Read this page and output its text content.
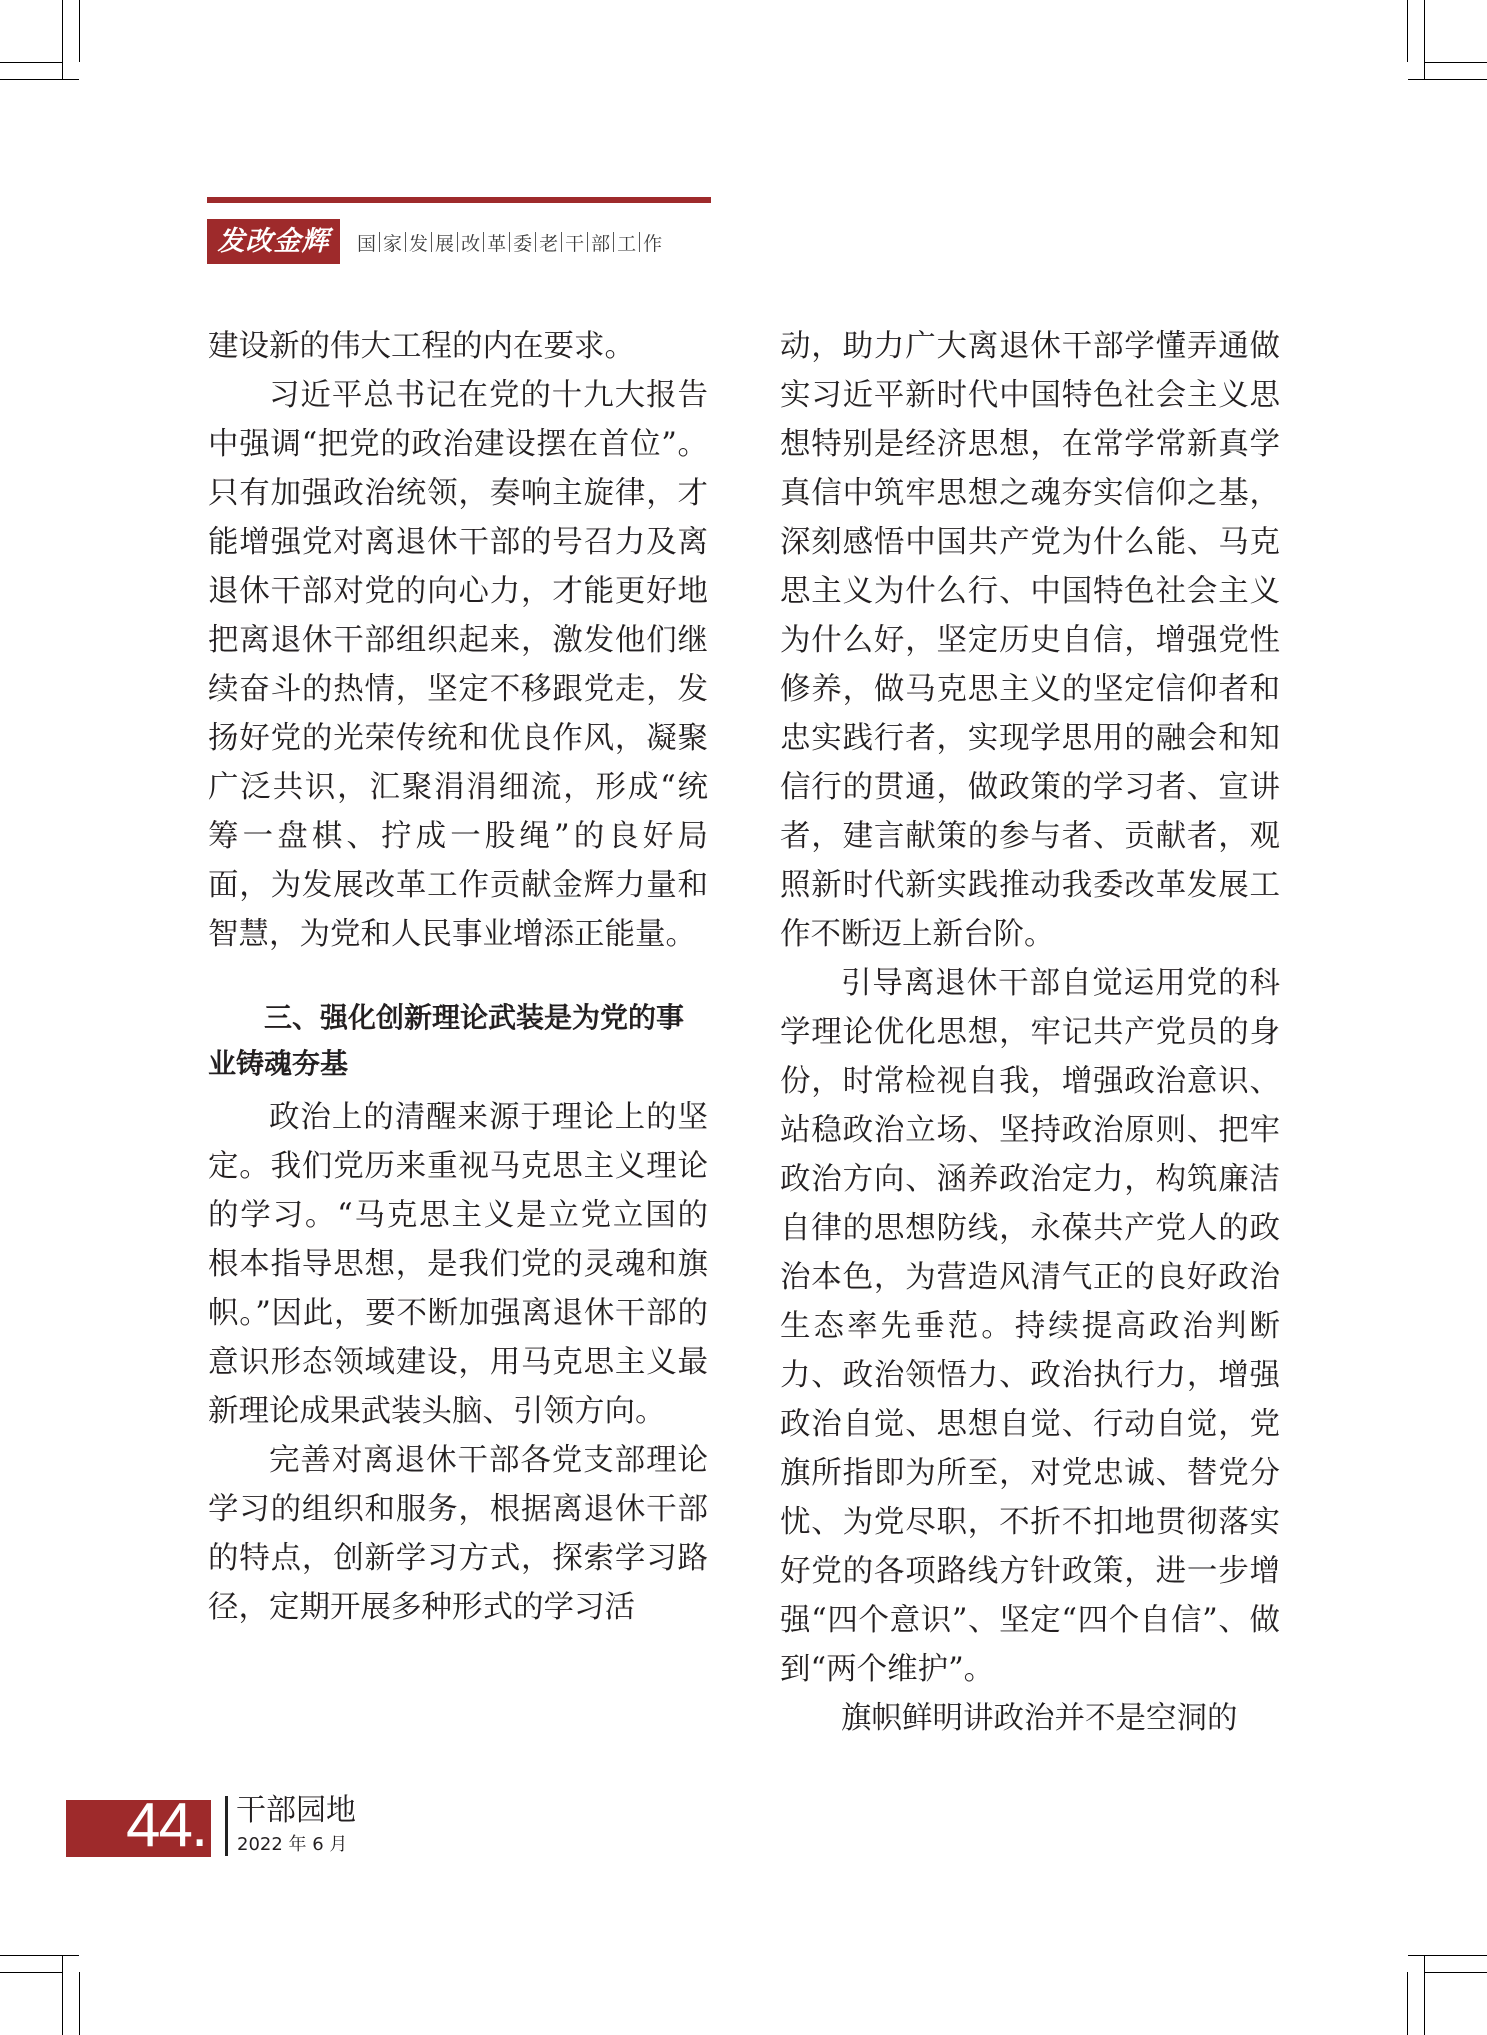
发改金辉	国 家 发 展 改 革 委 老 干 部 工 作

建设新的伟大工程的内在要求。

习近平总书记在党的十九大报告中强调“把党的政治建设摆在首位”。只有加强政治统领，奏响主旋律，才能增强党对离退休干部的号召力及离退休干部对党的向心力，才能更好地把离退休干部组织起来，激发他们继续奋斗的热情，坚定不移跟党走，发扬好党的光荣传统和优良作风，凝聚广泛共识，汇聚涓涓细流，形成“统筹一盘棋、拧成一股绳”的良好局面，为发展改革工作贡献金辉力量和智慧，为党和人民事业增添正能量。

三、强化创新理论武装是为党的事业铸魂夯基

政治上的清醒来源于理论上的坚定。我们党历来重视马克思主义理论的学习。“马克思主义是立党立国的根本指导思想，是我们党的灵魂和旗帜。”因此，要不断加强离退休干部的意识形态领域建设，用马克思主义最新理论成果武装头脑、引领方向。

完善对离退休干部各党支部理论学习的组织和服务，根据离退休干部的特点，创新学习方式，探索学习路径，定期开展多种形式的学习活

动，助力广大离退休干部学懂弄通做实习近平新时代中国特色社会主义思想特别是经济思想，在常学常新真学真信中筑牢思想之魂夯实信仰之基，深刻感悟中国共产党为什么能、马克思主义为什么行、中国特色社会主义为什么好，坚定历史自信，增强党性修养，做马克思主义的坚定信仰者和忠实践行者，实现学思用的融会和知信行的贯通，做政策的学习者、宣讲者，建言献策的参与者、贡献者，观照新时代新实践推动我委改革发展工作不断迈上新台阶。

引导离退休干部自觉运用党的科学理论优化思想，牢记共产党员的身份，时常检视自我，增强政治意识、站稳政治立场、坚持政治原则、把牢政治方向、涵养政治定力，构筑廉洁自律的思想防线，永葆共产党人的政治本色，为营造风清气正的良好政治生态率先垂范。持续提高政治判断力、政治领悟力、政治执行力，增强政治自觉、思想自觉、行动自觉，党旗所指即为所至，对党忠诚、替党分忧、为党尽职，不折不扣地贯彻落实好党的各项路线方针政策，进一步增强“四个意识”、坚定“四个自信”、做到“两个维护”。

旗帜鲜明讲政治并不是空洞的

44. 干部园地
2022 年 6 月
